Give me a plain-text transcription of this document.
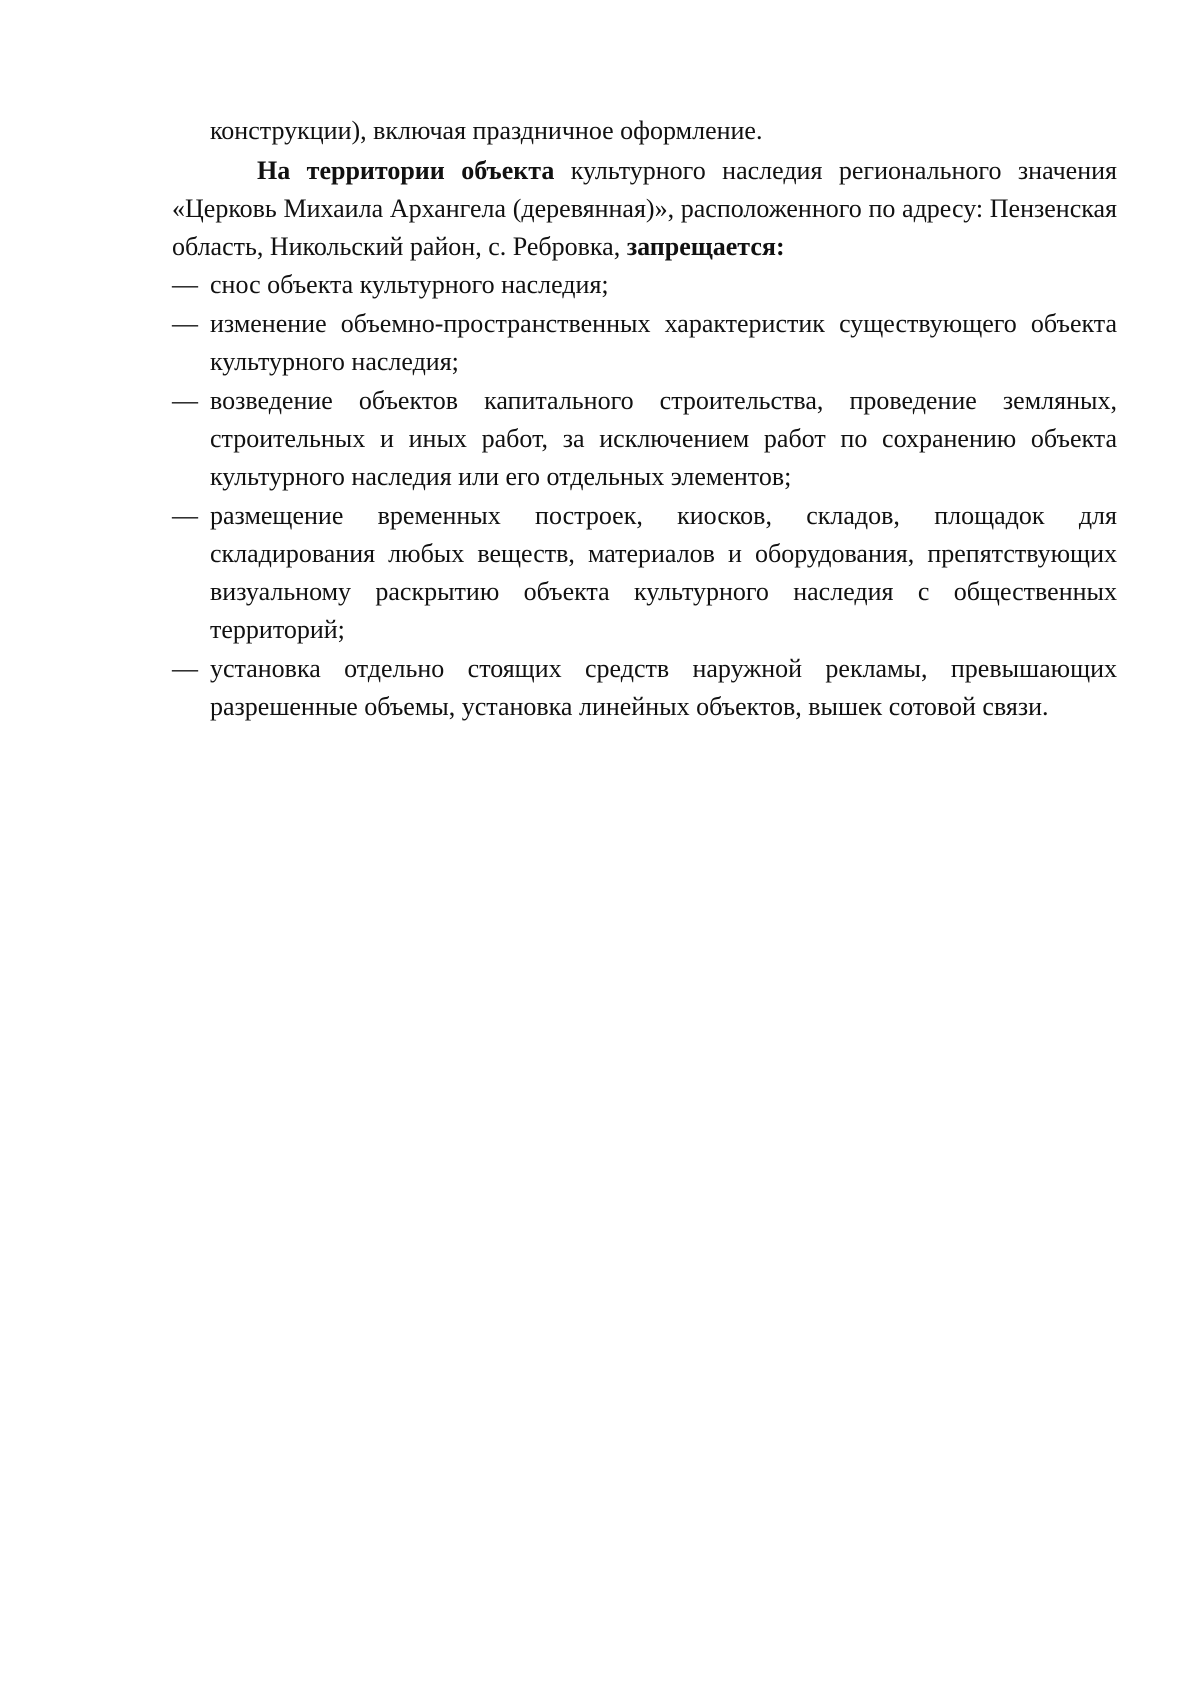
конструкции), включая праздничное оформление.

На территории объекта культурного наследия регионального значения «Церковь Михаила Архангела (деревянная)», расположенного по адресу: Пензенская область, Никольский район, с. Ребровка, запрещается:

— снос объекта культурного наследия;
— изменение объемно-пространственных характеристик существующего объекта культурного наследия;
— возведение объектов капитального строительства, проведение земляных, строительных и иных работ, за исключением работ по сохранению объекта культурного наследия или его отдельных элементов;
— размещение временных построек, киосков, складов, площадок для складирования любых веществ, материалов и оборудования, препятствующих визуальному раскрытию объекта культурного наследия с общественных территорий;
— установка отдельно стоящих средств наружной рекламы, превышающих разрешенные объемы, установка линейных объектов, вышек сотовой связи.
